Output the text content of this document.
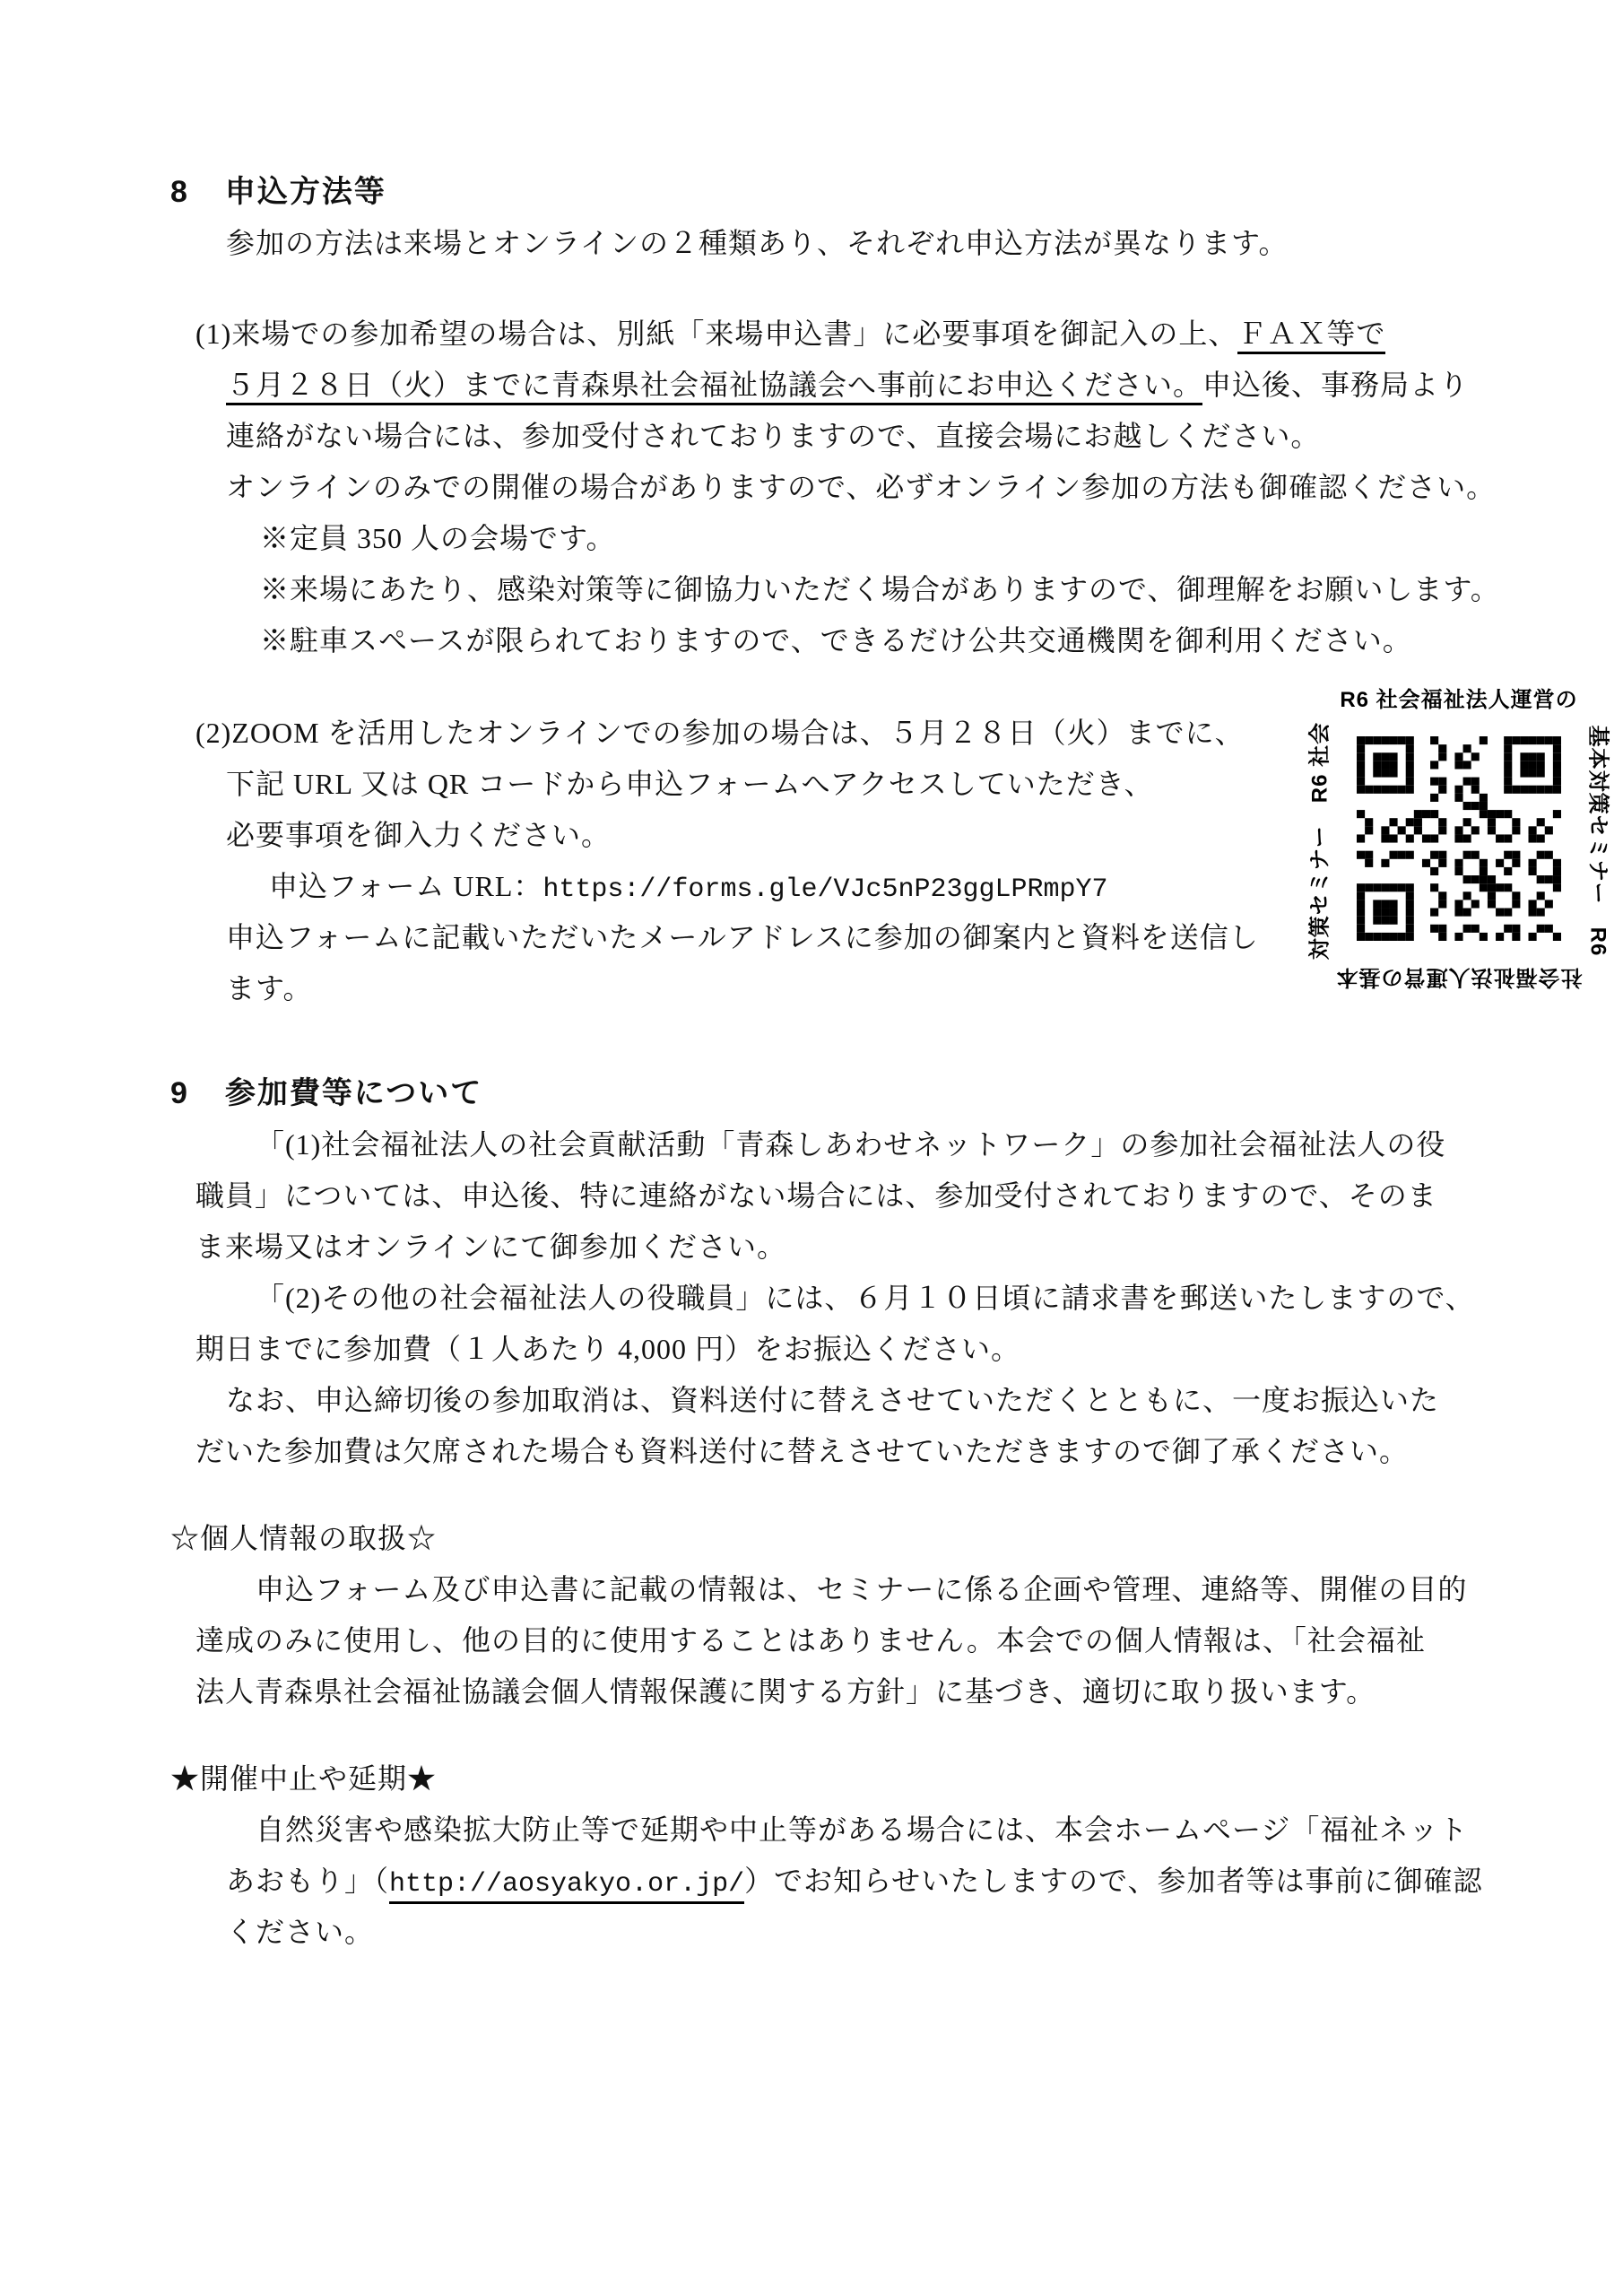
8 申込方法等
参加の方法は来場とオンラインの２種類あり、それぞれ申込方法が異なります。
(1)来場での参加希望の場合は、別紙「来場申込書」に必要事項を御記入の上、ＦＡＸ等で
５月２８日（火）までに青森県社会福祉協議会へ事前にお申込ください。申込後、事務局より
連絡がない場合には、参加受付されておりますので、直接会場にお越しください。
オンラインのみでの開催の場合がありますので、必ずオンライン参加の方法も御確認ください。
※定員 350 人の会場です。
※来場にあたり、感染対策等に御協力いただく場合がありますので、御理解をお願いします。
※駐車スペースが限られておりますので、できるだけ公共交通機関を御利用ください。
(2)ZOOM を活用したオンラインでの参加の場合は、５月２８日（火）までに、
下記 URL 又は QR コードから申込フォームへアクセスしていただき、
必要事項を御入力ください。
申込フォーム URL：https://forms.gle/VJc5nP23ggLPRmpY7
申込フォームに記載いただいたメールアドレスに参加の御案内と資料を送信し
ます。
9 参加費等について
「(1)社会福祉法人の社会貢献活動「青森しあわせネットワーク」の参加社会福祉法人の役
職員」については、申込後、特に連絡がない場合には、参加受付されておりますので、そのま
ま来場又はオンラインにて御参加ください。
「(2)その他の社会福祉法人の役職員」には、６月１０日頃に請求書を郵送いたしますので、
期日までに参加費（１人あたり 4,000 円）をお振込ください。
なお、申込締切後の参加取消は、資料送付に替えさせていただくとともに、一度お振込いた
だいた参加費は欠席された場合も資料送付に替えさせていただきますので御了承ください。
☆個人情報の取扱☆
申込フォーム及び申込書に記載の情報は、セミナーに係る企画や管理、連絡等、開催の目的
達成のみに使用し、他の目的に使用することはありません。本会での個人情報は、「社会福祉
法人青森県社会福祉協議会個人情報保護に関する方針」に基づき、適切に取り扱います。
★開催中止や延期★
自然災害や感染拡大防止等で延期や中止等がある場合には、本会ホームページ「福祉ネット
あおもり」（http://aosyakyo.or.jp/）でお知らせいたしますので、参加者等は事前に御確認
ください。
R6 社会福祉法人運営の
基本対策セミナー　R6
対策セミナー　R6 社会
社会福祉法人運営の基本
